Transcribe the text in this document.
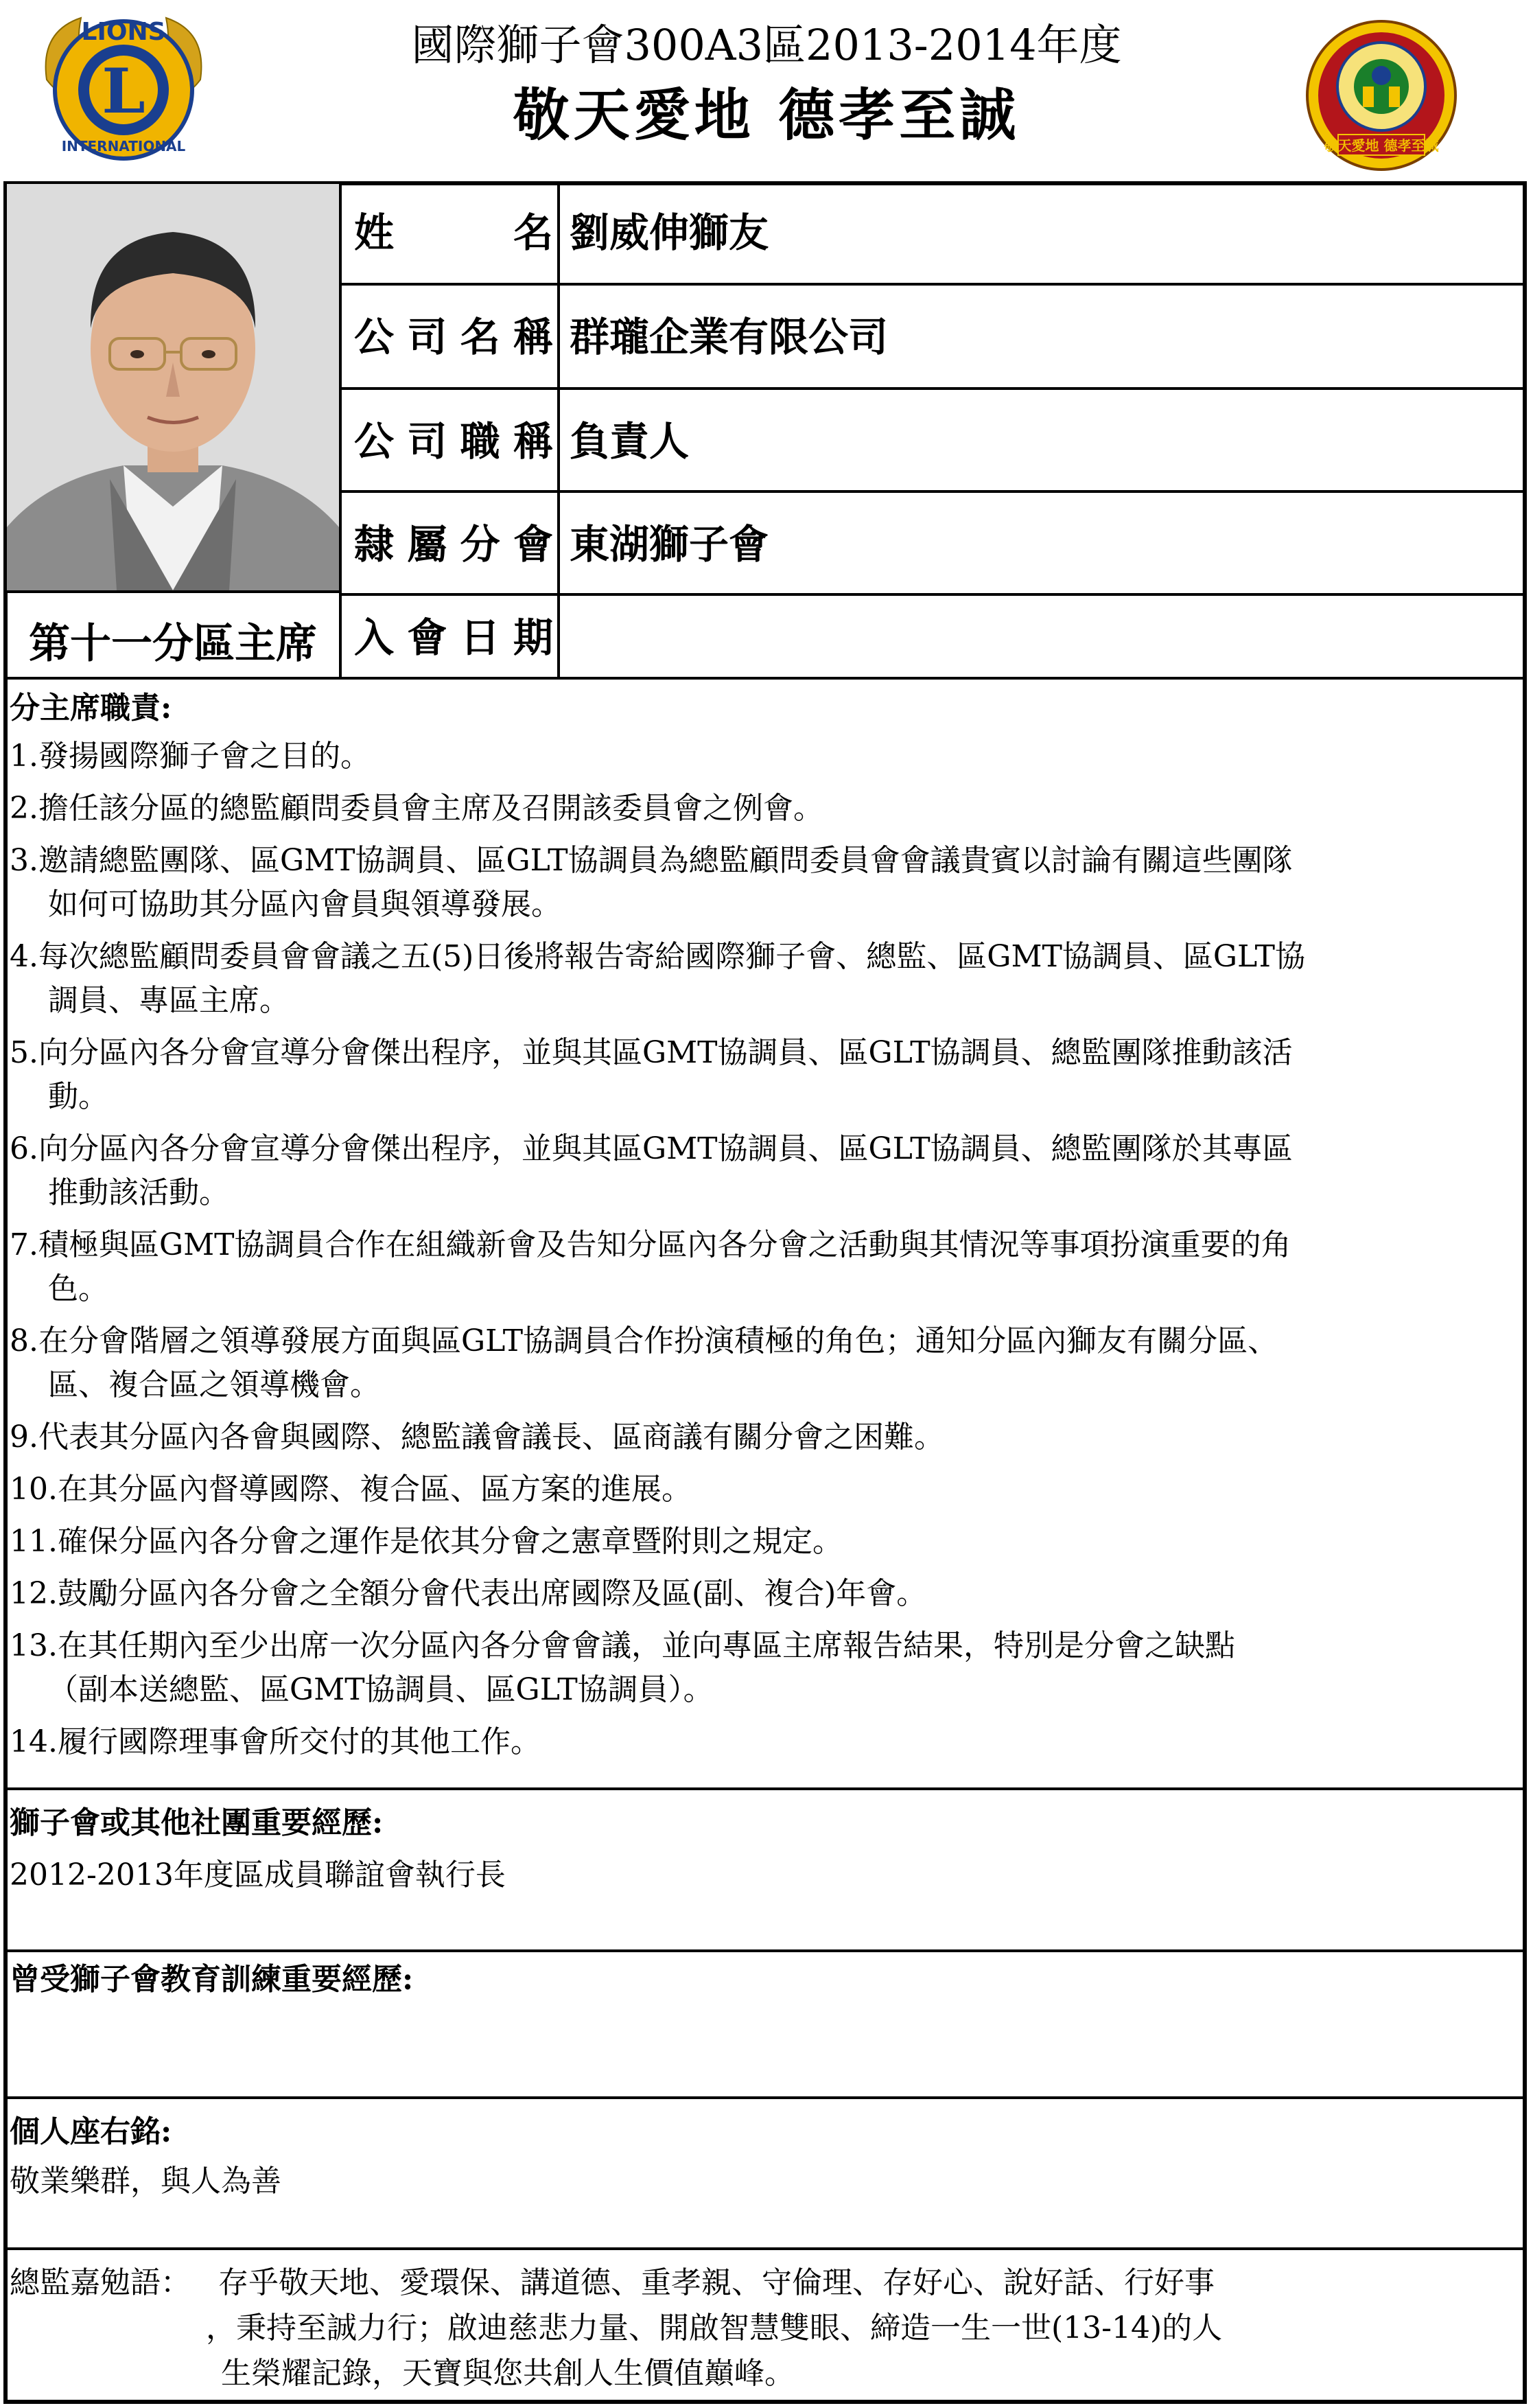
L
LIONS
INTERNATIONAL
國際獅子會300A3區2013-2014年度
敬天愛地 德孝至誠	敬天愛地 德孝至誠
姓　　　名 劉威伸獅友
公司名稱 群瓏企業有限公司
公司職稱 負責人
隸屬分會 東湖獅子會
入會日期
第十一分區主席
分主席職責:
1.發揚國際獅子會之目的。
2.擔任該分區的總監顧問委員會主席及召開該委員會之例會。
3.邀請總監團隊、區GMT協調員、區GLT協調員為總監顧問委員會會議貴賓以討論有關這些團隊
如何可協助其分區內會員與領導發展。
4.每次總監顧問委員會會議之五(5)日後將報告寄給國際獅子會、總監、區GMT協調員、區GLT協
調員、專區主席。
5.向分區內各分會宣導分會傑出程序，並與其區GMT協調員、區GLT協調員、總監團隊推動該活
動。
6.向分區內各分會宣導分會傑出程序，並與其區GMT協調員、區GLT協調員、總監團隊於其專區
推動該活動。
7.積極與區GMT協調員合作在組織新會及告知分區內各分會之活動與其情況等事項扮演重要的角
色。
8.在分會階層之領導發展方面與區GLT協調員合作扮演積極的角色；通知分區內獅友有關分區、
區、複合區之領導機會。
9.代表其分區內各會與國際、總監議會議長、區商議有關分會之困難。
10.在其分區內督導國際、複合區、區方案的進展。
11.確保分區內各分會之運作是依其分會之憲章暨附則之規定。
12.鼓勵分區內各分會之全額分會代表出席國際及區(副、複合)年會。
13.在其任期內至少出席一次分區內各分會會議，並向專區主席報告結果，特別是分會之缺點
（副本送總監、區GMT協調員、區GLT協調員）。
14.履行國際理事會所交付的其他工作。
獅子會或其他社團重要經歷:
2012-2013年度區成員聯誼會執行長
曾受獅子會教育訓練重要經歷:
個人座右銘:
敬業樂群，與人為善
總監嘉勉語： 存乎敬天地、愛環保、講道德、重孝親、守倫理、存好心、說好話、行好事
，秉持至誠力行；啟迪慈悲力量、開啟智慧雙眼、締造一生一世(13-14)的人
生榮耀記錄，天寶與您共創人生價值巔峰。
